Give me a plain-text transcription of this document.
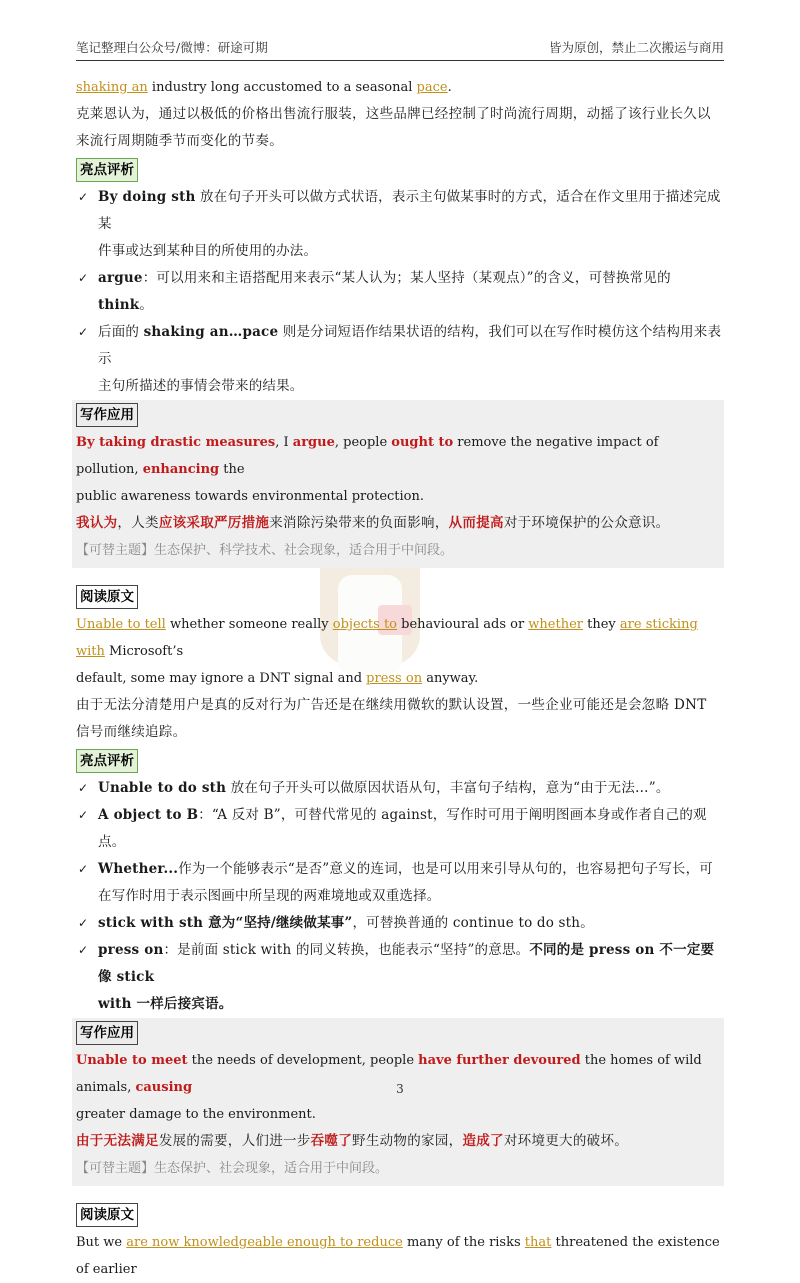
笔记整理白公众号/微博：研途可期	皆为原创，禁止二次搬运与商用

shaking an industry long accustomed to a seasonal pace.

克莱恩认为，通过以极低的价格出售流行服装，这些品牌已经控制了时尚流行周期，动摇了该行业长久以

来流行周期随季节而变化的节奏。

亮点评析
✓ By doing sth 放在句子开头可以做方式状语，表示主句做某事时的方式，适合在作文里用于描述完成某
件事或达到某种目的所使用的办法。
✓ argue：可以用来和主语搭配用来表示“某人认为；某人坚持（某观点）”的含义，可替换常见的 think。
✓ 后面的 shaking an…pace 则是分词短语作结果状语的结构，我们可以在写作时模仿这个结构用来表示
主句所描述的事情会带来的结果。
写作应用

By taking drastic measures, I argue, people ought to remove the negative impact of pollution, enhancing the
public awareness towards environmental protection.

我认为，人类应该采取严厉措施来消除污染带来的负面影响，从而提高对于环境保护的公众意识。

【可替主题】生态保护、科学技术、社会现象，适合用于中间段。

阅读原文

Unable to tell whether someone really objects to behavioural ads or whether they are sticking with Microsoft’s
default, some may ignore a DNT signal and press on anyway.

由于无法分清楚用户是真的反对行为广告还是在继续用微软的默认设置，一些企业可能还是会忽略 DNT

信号而继续追踪。

亮点评析
✓ Unable to do sth 放在句子开头可以做原因状语从句，丰富句子结构，意为“由于无法…”。
✓ A object to B：“A 反对 B”，可替代常见的 against，写作时可用于阐明图画本身或作者自己的观点。
✓ Whether...作为一个能够表示“是否”意义的连词，也是可以用来引导从句的，也容易把句子写长，可
在写作时用于表示图画中所呈现的两难境地或双重选择。
✓ stick with sth 意为“坚持/继续做某事”，可替换普通的 continue to do sth。
✓ press on：是前面 stick with 的同义转换，也能表示“坚持”的意思。不同的是 press on 不一定要像 stick
with 一样后接宾语。
写作应用

Unable to meet the needs of development, people have further devoured the homes of wild animals, causing
greater damage to the environment.

由于无法满足发展的需要，人们进一步吞噬了野生动物的家园，造成了对环境更大的破坏。

【可替主题】生态保护、社会现象，适合用于中间段。

阅读原文

But we are now knowledgeable enough to reduce many of the risks that threatened the existence of earlier

3
